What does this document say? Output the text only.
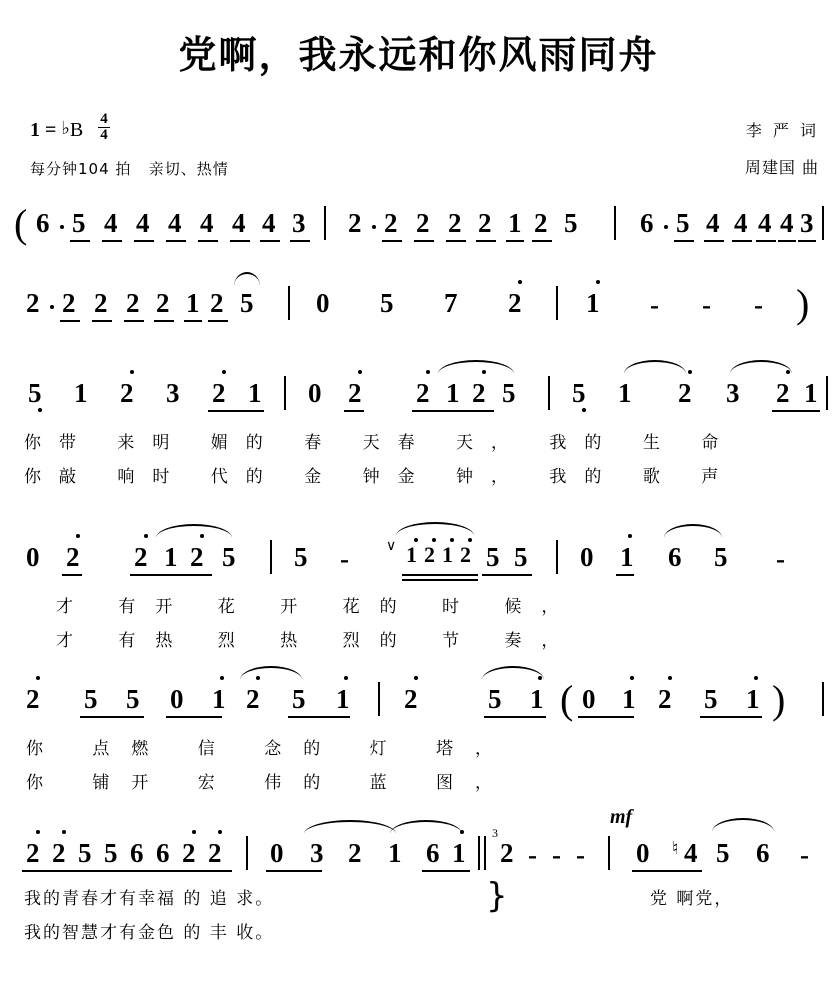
党啊，我永远和你风雨同舟
1 = ♭B $\frac{4}{4}$
每分钟104 拍 亲切、热情
李 严 词
周建国 曲
( 6 5 4 4 4 4 4 4 3 2 2 2 2 2 1 2 5 6 5 4 4 4 4 3
2 2 2 2 2 1 2 5 0 5 7 2 1 - - - )
5 1 2 3 2 1 0 2 2 1 2 5 5 1 2 3 2 1
你带 来明 媚的 春 天春 天， 我的 生 命
你敲 响时 代的 金 钟金 钟， 我的 歌 声
0 2 2 1 2 5 5 -	∨ 1 2 1 2 5 5 0 1 6 5 -
才 有开 花 开 花的 时 候，
才 有热 烈 热 烈的 节 奏，
2 5 5 0 1 2 5 1 2	5 1 ( 0 1 2 5 1 )
你 点燃 信 念的 灯 塔，
你 铺开 宏 伟的 蓝 图，
mf
2 2 5 5 6 6 2 2 0 3 2 1 6 1
3
2 - - - 0 ♮ 4 5 6 -
我的青春才有幸福 的 追 求。	党 啊党，
}
我的智慧才有金色 的 丰 收。
